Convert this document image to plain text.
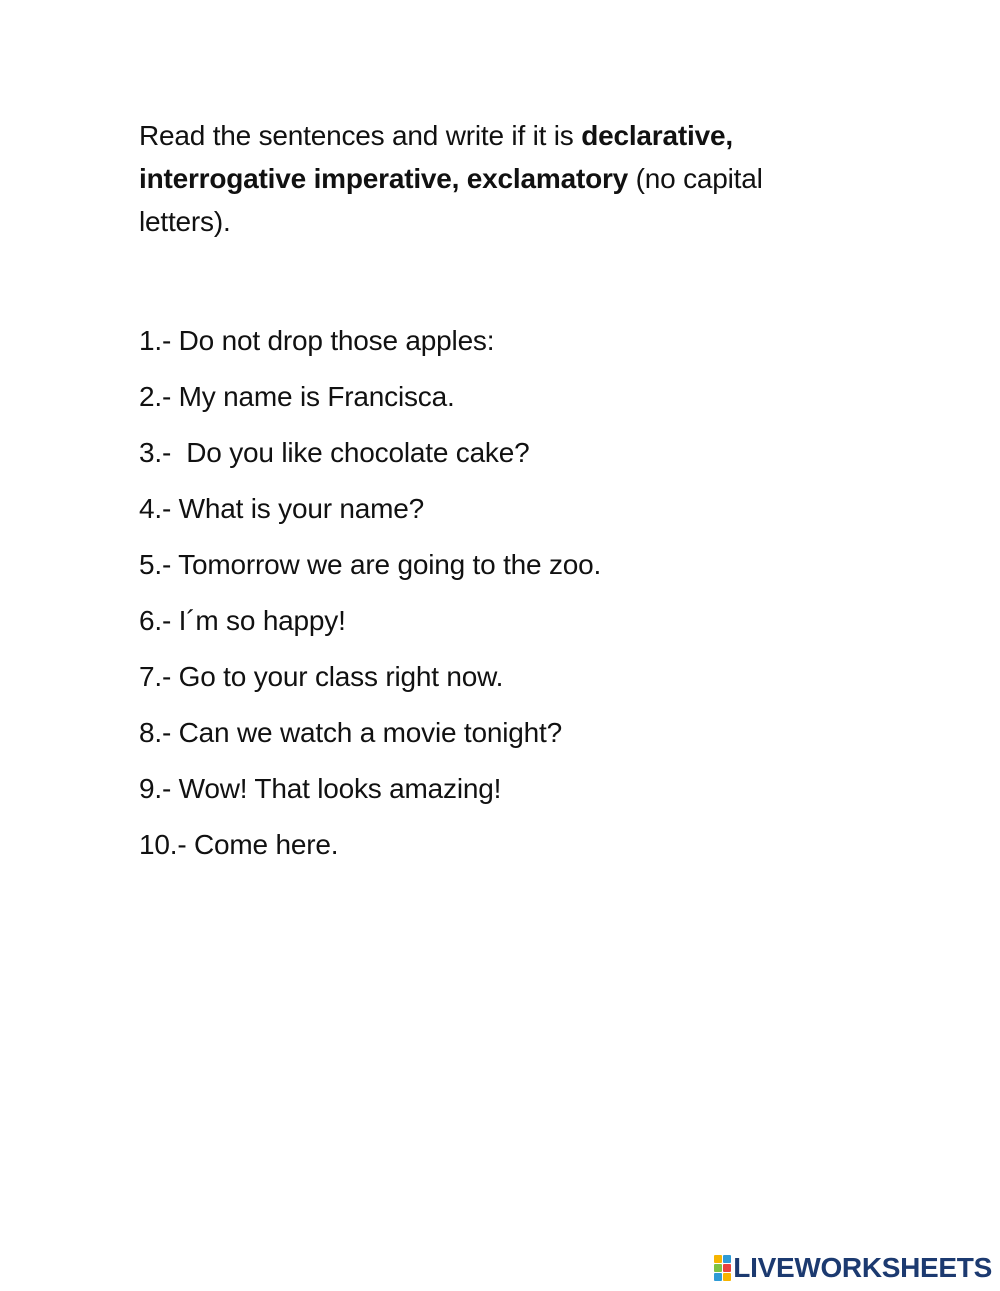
Read the sentences and write if it is declarative,
interrogative imperative, exclamatory (no capital letters).
1.- Do not drop those apples:
2.- My name is Francisca.
3.-  Do you like chocolate cake?
4.- What is your name?
5.- Tomorrow we are going to the zoo.
6.- I´m so happy!
7.- Go to your class right now.
8.- Can we watch a movie tonight?
9.- Wow! That looks amazing!
10.- Come here.
LIVEWORKSHEETS
